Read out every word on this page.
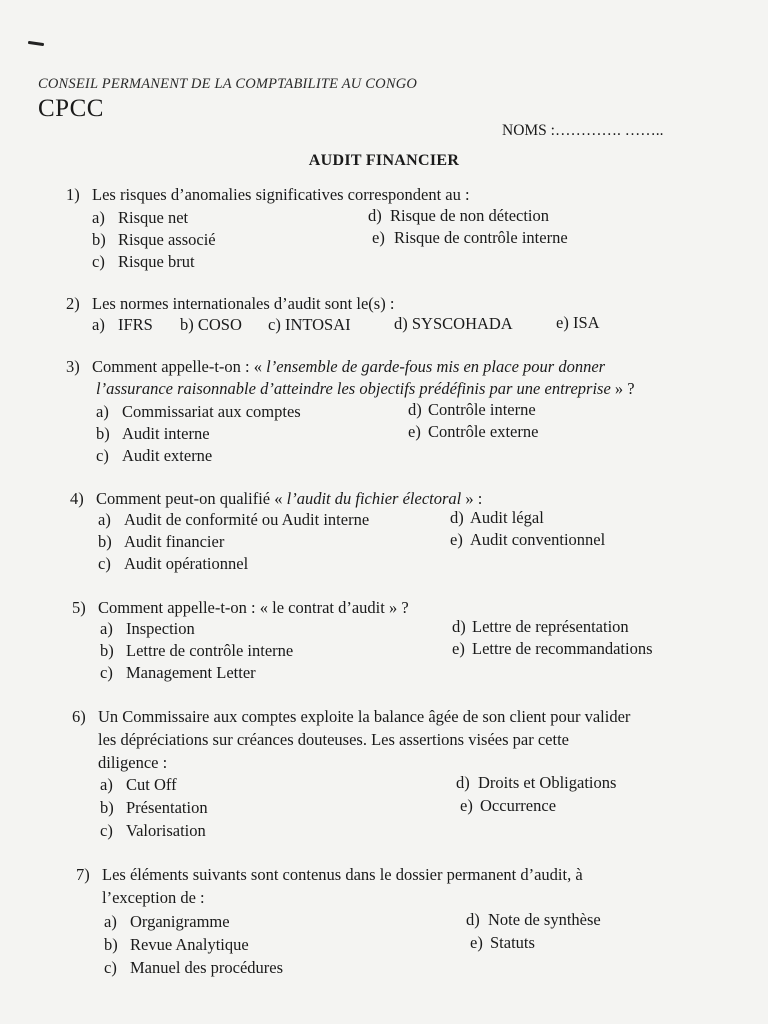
CONSEIL PERMANENT DE LA COMPTABILITE AU CONGO
CPCC
NOMS :…………. ……..
AUDIT FINANCIER
1) Les risques d’anomalies significatives correspondent au :
a) Risque net
b) Risque associé
c) Risque brut
d) Risque de non détection
e) Risque de contrôle interne
2) Les normes internationales d’audit sont le(s) :
a) IFRS b) COSO c) INTOSAI	d) SYSCOHADA	e) ISA
3) Comment appelle-t-on : « l’ensemble de garde-fous mis en place pour donner
l’assurance raisonnable d’atteindre les objectifs prédéfinis par une entreprise » ?
a) Commissariat aux comptes
b) Audit interne
c) Audit externe
d) Contrôle interne
e) Contrôle externe
4) Comment peut-on qualifié « l’audit du fichier électoral » :
a) Audit de conformité ou Audit interne
b) Audit financier
c) Audit opérationnel
d) Audit légal
e) Audit conventionnel
5) Comment appelle-t-on : « le contrat d’audit » ?
a) Inspection
b) Lettre de contrôle interne
c) Management Letter
d) Lettre de représentation
e) Lettre de recommandations
6) Un Commissaire aux comptes exploite la balance âgée de son client pour valider
les dépréciations sur créances douteuses. Les assertions visées par cette
diligence :
a) Cut Off
b) Présentation
c) Valorisation
d) Droits et Obligations
e) Occurrence
7) Les éléments suivants sont contenus dans le dossier permanent d’audit, à
l’exception de :
a) Organigramme
b) Revue Analytique
c) Manuel des procédures
d) Note de synthèse
e) Statuts
